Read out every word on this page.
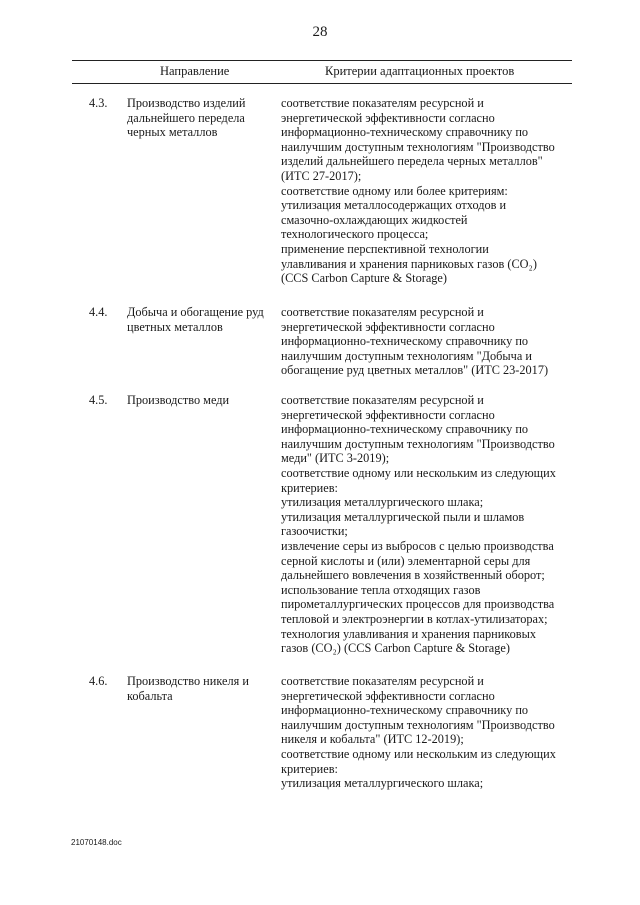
28
Направление	Критерии адаптационных проектов
4.3. Производство изделий
дальнейшего передела
черных металлов
соответствие показателям ресурсной и
энергетической эффективности согласно
информационно-техническому справочнику по
наилучшим доступным технологиям "Производство
изделий дальнейшего передела черных металлов"
(ИТС 27-2017);
соответствие одному или более критериям:
утилизация металлосодержащих отходов и
смазочно-охлаждающих жидкостей
технологического процесса;
применение перспективной технологии
улавливания и хранения парниковых газов (CO₂)
(CCS Carbon Capture & Storage)
4.4. Добыча и обогащение руд
цветных металлов
соответствие показателям ресурсной и
энергетической эффективности согласно
информационно-техническому справочнику по
наилучшим доступным технологиям "Добыча и
обогащение руд цветных металлов" (ИТС 23-2017)
4.5. Производство меди	соответствие показателям ресурсной и
энергетической эффективности согласно
информационно-техническому справочнику по
наилучшим доступным технологиям "Производство
меди" (ИТС 3-2019);
соответствие одному или нескольким из следующих
критериев:
утилизация металлургического шлака;
утилизация металлургической пыли и шламов
газоочистки;
извлечение серы из выбросов с целью производства
серной кислоты и (или) элементарной серы для
дальнейшего вовлечения в хозяйственный оборот;
использование тепла отходящих газов
пирометаллургических процессов для производства
тепловой и электроэнергии в котлах-утилизаторах;
технология улавливания и хранения парниковых
газов (CO₂) (CCS Carbon Capture & Storage)
4.6. Производство никеля и
кобальта
соответствие показателям ресурсной и
энергетической эффективности согласно
информационно-техническому справочнику по
наилучшим доступным технологиям "Производство
никеля и кобальта" (ИТС 12-2019);
соответствие одному или нескольким из следующих
критериев:
утилизация металлургического шлака;
21070148.doc
